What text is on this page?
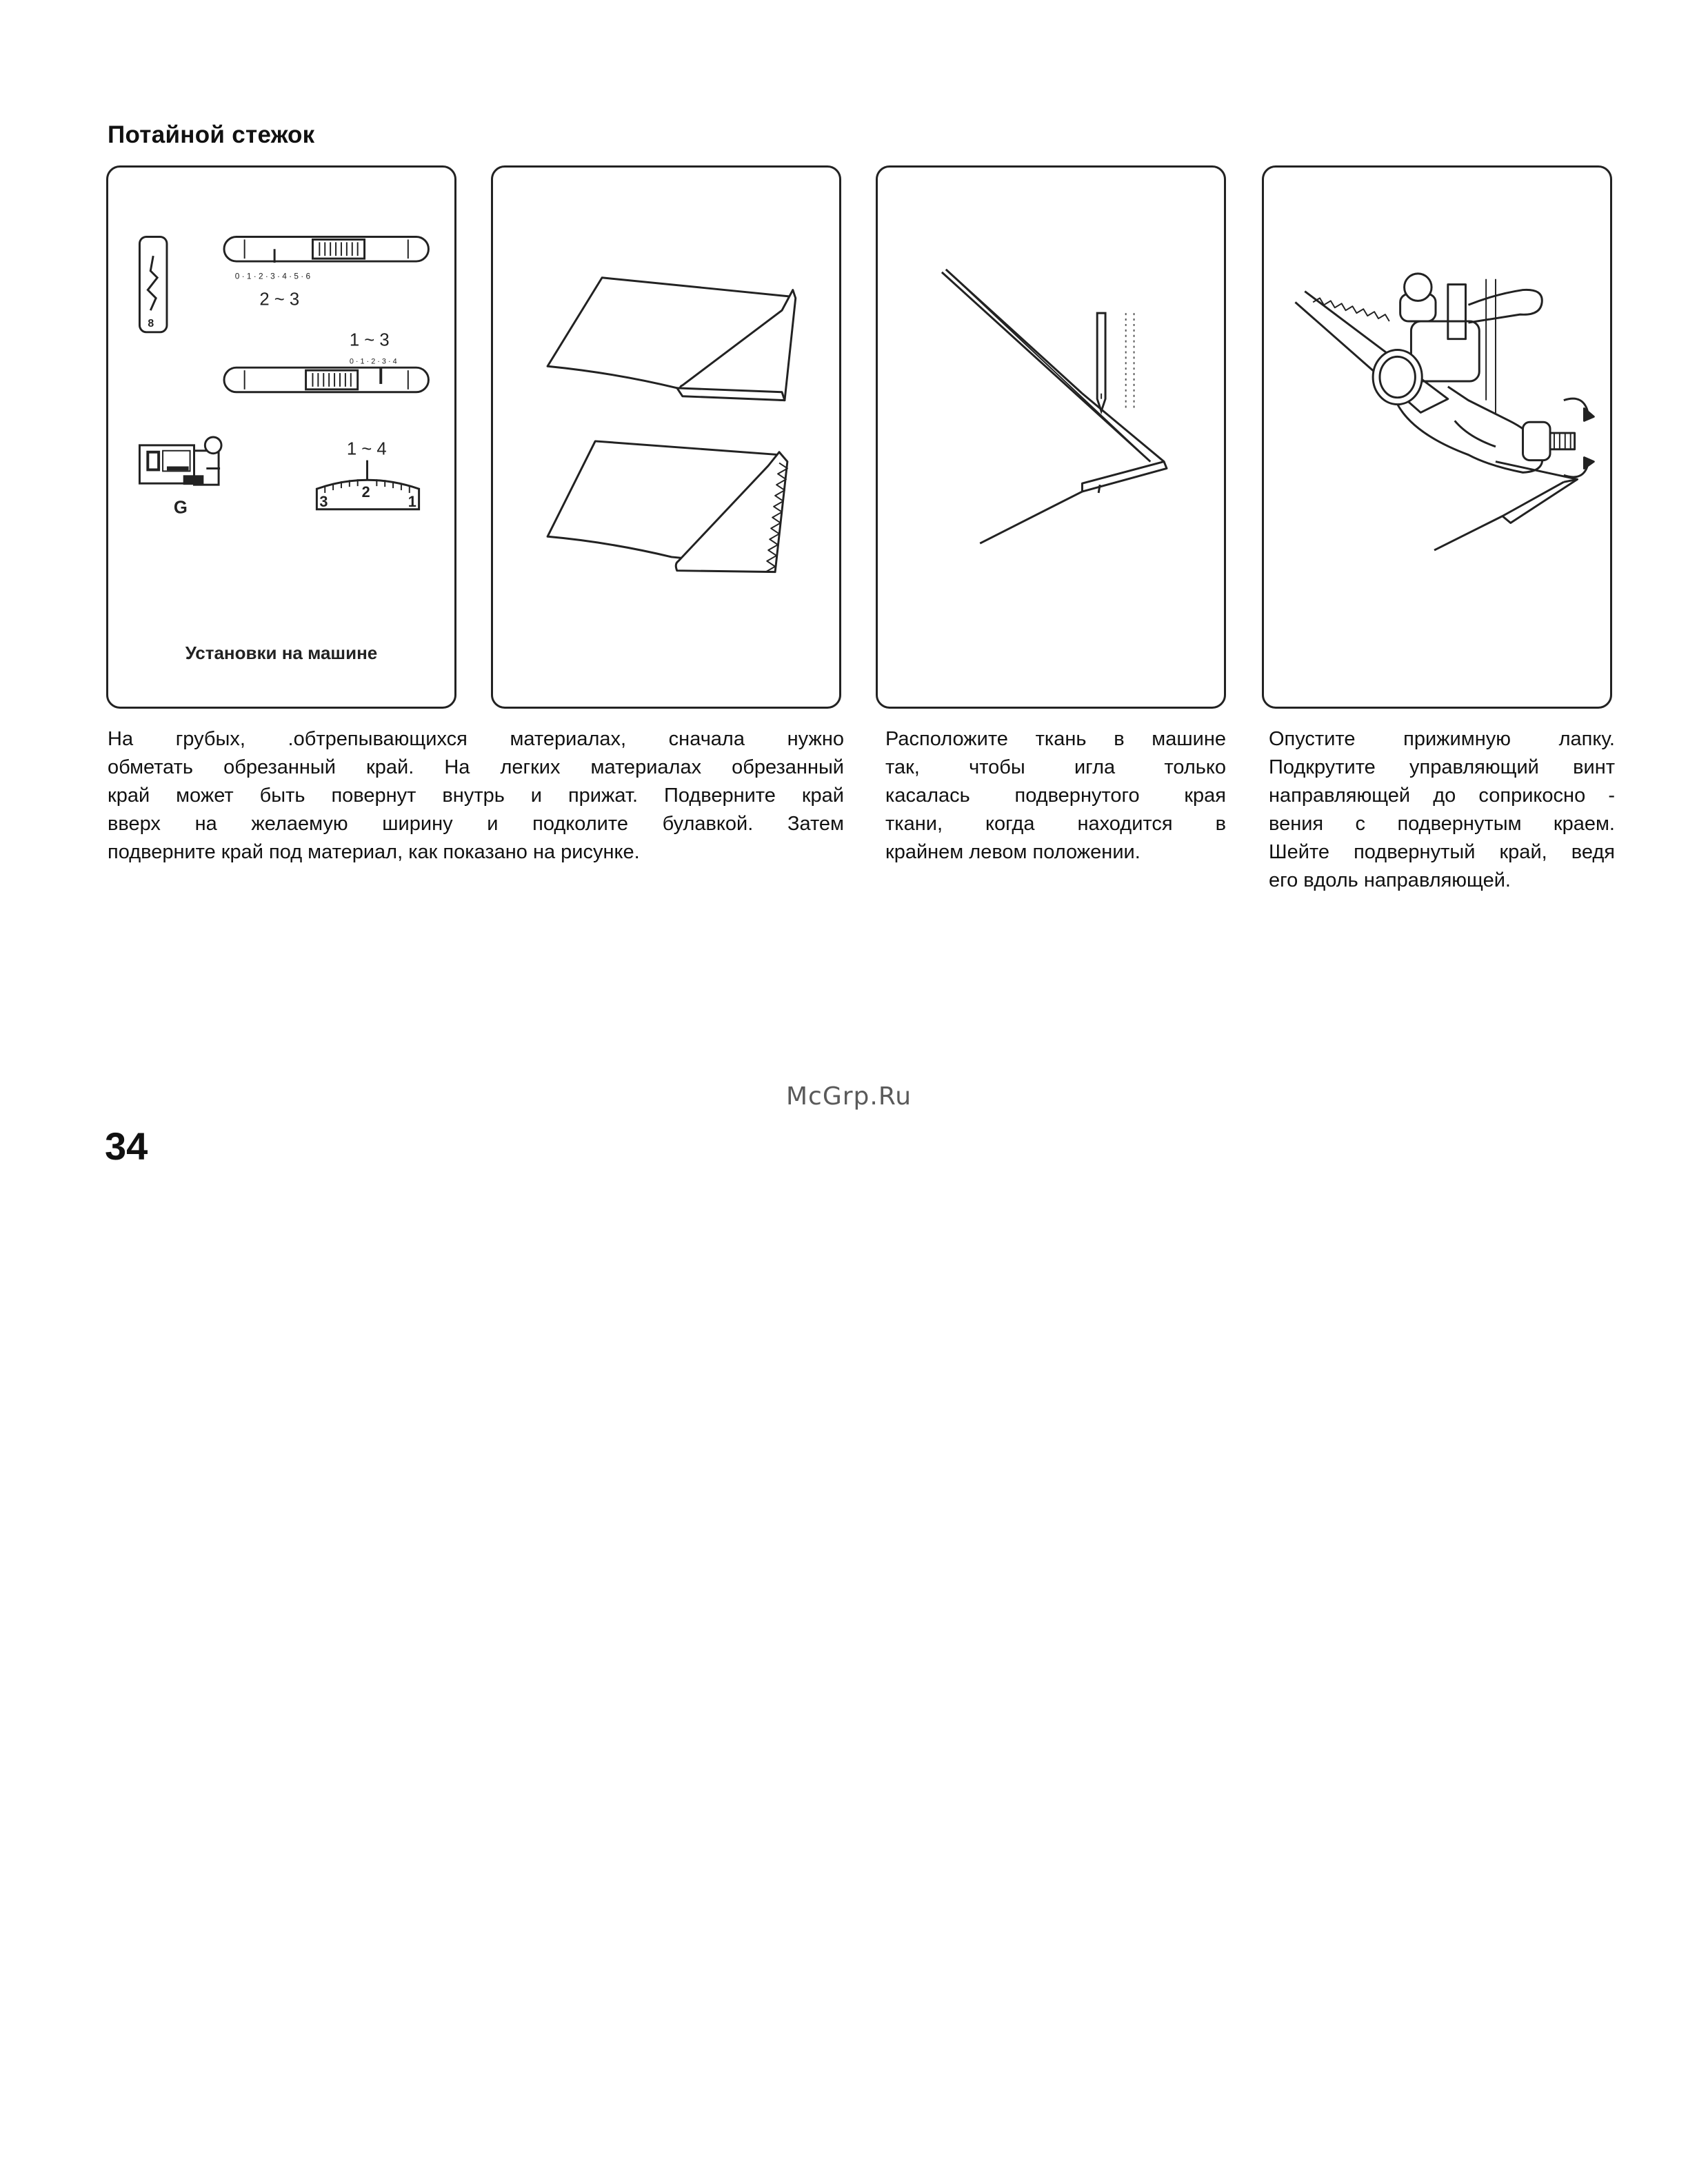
Потайной стежок
8
0 · 1 · 2 · 3 · 4 · 5 · 6
2 ~ 3
1 ~ 3
0 · 1 · 2 · 3 · 4
G
1 ~ 4
3
2
1
Установки на машине
На грубых, .обтрепывающихся материалах, сначала нужно
обметать обрезанный край. На легких материалах обрезанный
край может быть повернут внутрь и прижат. Подверните край
вверх на желаемую ширину и подколите булавкой. Затем
подверните край под материал, как показано на рисунке.
Расположите ткань в машине
так, чтобы игла только
касалась подвернутого края
ткани, когда находится в
крайнем левом положении.
Опустите прижимную лапку.
Подкрутите управляющий винт
направляющей до соприкосно -
вения с подвернутым краем.
Шейте подвернутый край, ведя
его вдоль направляющей.
McGrp.Ru
34
